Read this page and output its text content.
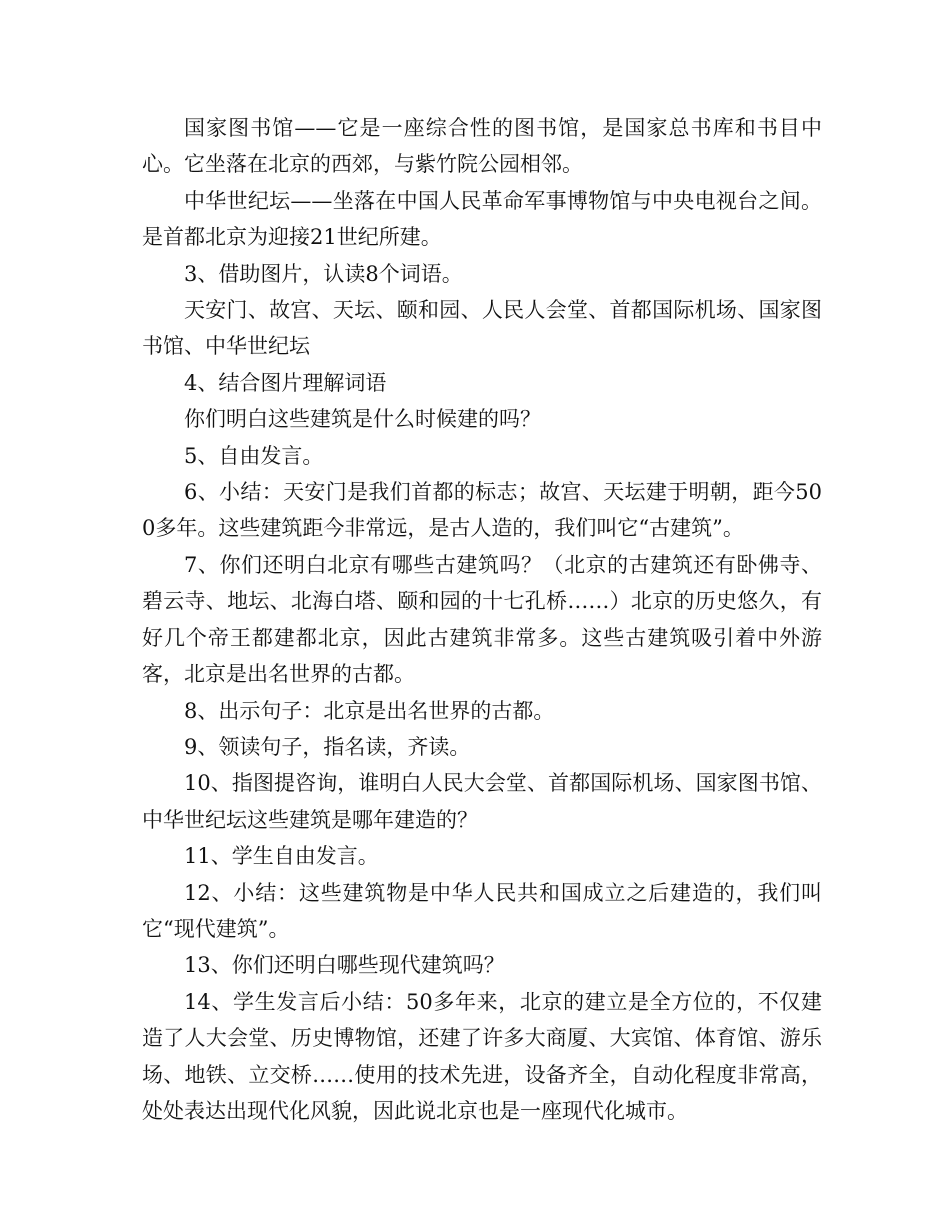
国家图书馆——它是一座综合性的图书馆，是国家总书库和书目中心。它坐落在北京的西郊，与紫竹院公园相邻。

中华世纪坛——坐落在中国人民革命军事博物馆与中央电视台之间。是首都北京为迎接21世纪所建。

3、借助图片，认读8个词语。

天安门、故宫、天坛、颐和园、人民人会堂、首都国际机场、国家图书馆、中华世纪坛

4、结合图片理解词语

你们明白这些建筑是什么时候建的吗？

5、自由发言。

6、小结：天安门是我们首都的标志；故宫、天坛建于明朝，距今500多年。这些建筑距今非常远，是古人造的，我们叫它“古建筑”。

7、你们还明白北京有哪些古建筑吗？（北京的古建筑还有卧佛寺、碧云寺、地坛、北海白塔、颐和园的十七孔桥……）北京的历史悠久，有好几个帝王都建都北京，因此古建筑非常多。这些古建筑吸引着中外游客，北京是出名世界的古都。

8、出示句子：北京是出名世界的古都。

9、领读句子，指名读，齐读。

10、指图提咨询，谁明白人民大会堂、首都国际机场、国家图书馆、中华世纪坛这些建筑是哪年建造的？

11、学生自由发言。

12、小结：这些建筑物是中华人民共和国成立之后建造的，我们叫它“现代建筑”。

13、你们还明白哪些现代建筑吗？

14、学生发言后小结：50多年来，北京的建立是全方位的，不仅建造了人大会堂、历史博物馆，还建了许多大商厦、大宾馆、体育馆、游乐场、地铁、立交桥……使用的技术先进，设备齐全，自动化程度非常高，处处表达出现代化风貌，因此说北京也是一座现代化城市。
